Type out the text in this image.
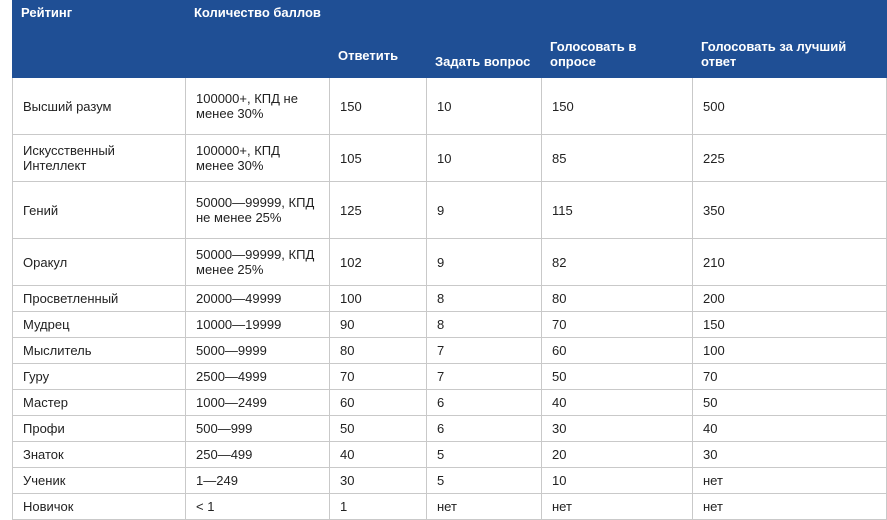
Рейтинг	Количество баллов	Ответить	Задать вопрос	Голосовать в опросе	Голосовать за лучший ответ
Высший разум	100000+, КПД не менее 30%	150	10	150	500
Искусственный Интеллект	100000+, КПД менее 30%	105	10	85	225
Гений	50000—99999, КПД не менее 25%	125	9	115	350
Оракул	50000—99999, КПД менее 25%	102	9	82	210
Просветленный	20000—49999	100	8	80	200
Мудрец	10000—19999	90	8	70	150
Мыслитель	5000—9999	80	7	60	100
Гуру	2500—4999	70	7	50	70
Мастер	1000—2499	60	6	40	50
Профи	500—999	50	6	30	40
Знаток	250—499	40	5	20	30
Ученик	1—249	30	5	10	нет
Новичок	< 1	1	нет	нет	нет
